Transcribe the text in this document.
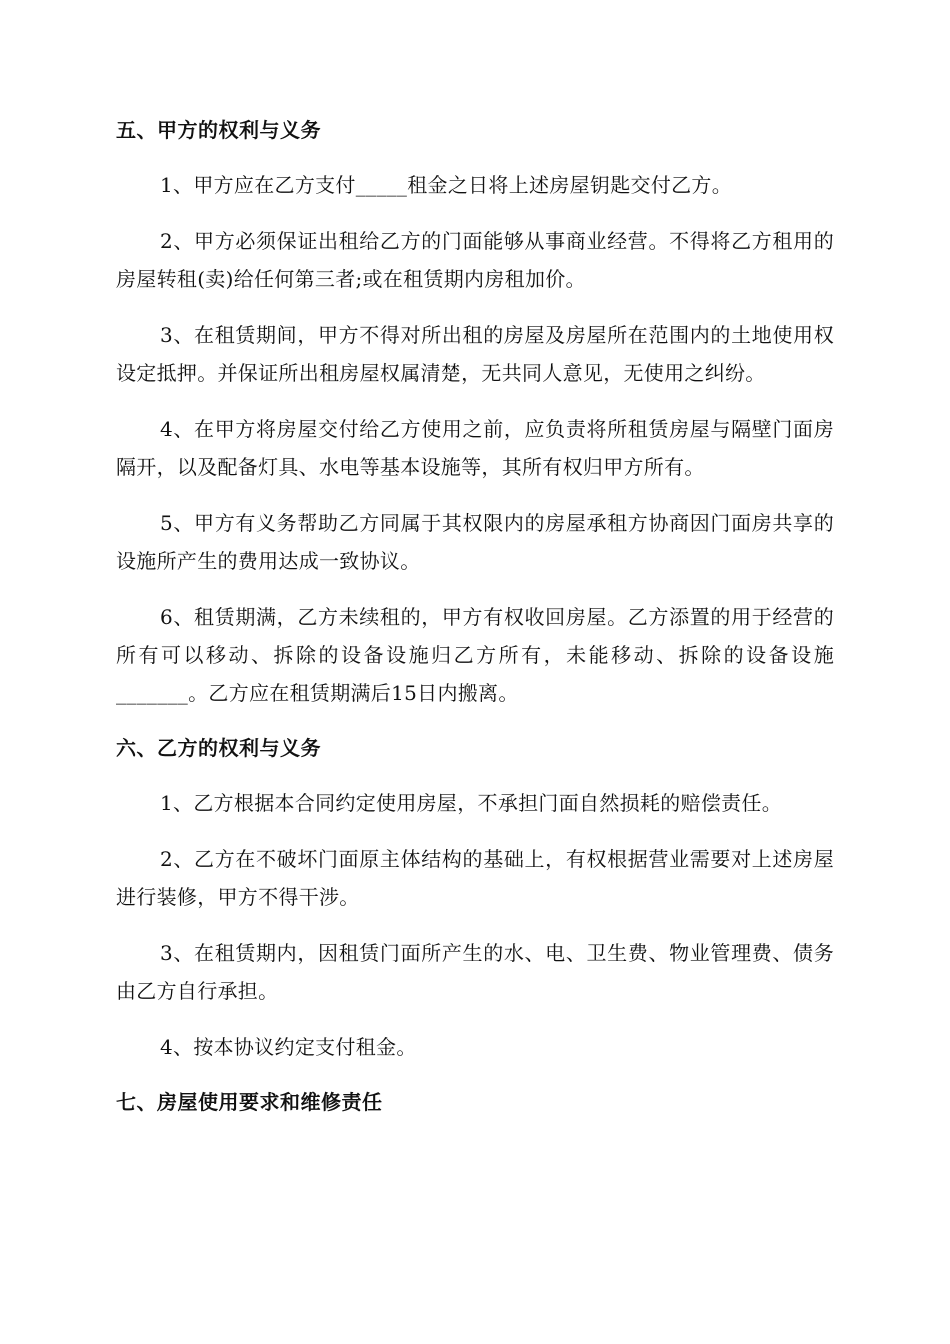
五、甲方的权利与义务

1、甲方应在乙方支付_____租金之日将上述房屋钥匙交付乙方。

2、甲方必须保证出租给乙方的门面能够从事商业经营。不得将乙方租用的房屋转租(卖)给任何第三者;或在租赁期内房租加价。

3、在租赁期间，甲方不得对所出租的房屋及房屋所在范围内的土地使用权设定抵押。并保证所出租房屋权属清楚，无共同人意见，无使用之纠纷。

4、在甲方将房屋交付给乙方使用之前，应负责将所租赁房屋与隔壁门面房隔开，以及配备灯具、水电等基本设施等，其所有权归甲方所有。

5、甲方有义务帮助乙方同属于其权限内的房屋承租方协商因门面房共享的设施所产生的费用达成一致协议。

6、租赁期满，乙方未续租的，甲方有权收回房屋。乙方添置的用于经营的所有可以移动、拆除的设备设施归乙方所有，未能移动、拆除的设备设施_______。乙方应在租赁期满后15日内搬离。

六、乙方的权利与义务

1、乙方根据本合同约定使用房屋，不承担门面自然损耗的赔偿责任。

2、乙方在不破坏门面原主体结构的基础上，有权根据营业需要对上述房屋进行装修，甲方不得干涉。

3、在租赁期内，因租赁门面所产生的水、电、卫生费、物业管理费、债务由乙方自行承担。

4、按本协议约定支付租金。

七、房屋使用要求和维修责任
